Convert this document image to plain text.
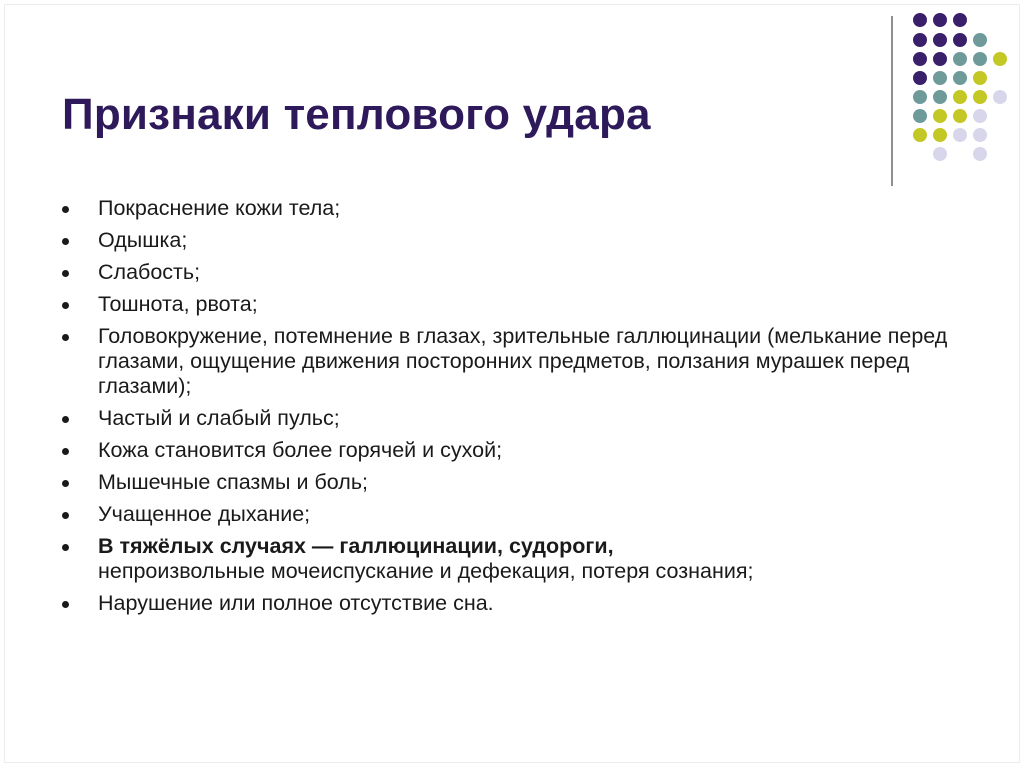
Признаки теплового удара
Покраснение кожи тела;
Одышка;
Слабость;
Тошнота, рвота;
Головокружение, потемнение в глазах, зрительные галлюцинации (мелькание перед глазами, ощущение движения посторонних предметов, ползания мурашек перед глазами);
Частый и слабый пульс;
Кожа становится более горячей и сухой;
Мышечные спазмы и боль;
Учащенное дыхание;
В тяжёлых случаях — галлюцинации, судороги,
непроизвольные мочеиспускание и дефекация, потеря сознания;
Нарушение или полное отсутствие сна.
